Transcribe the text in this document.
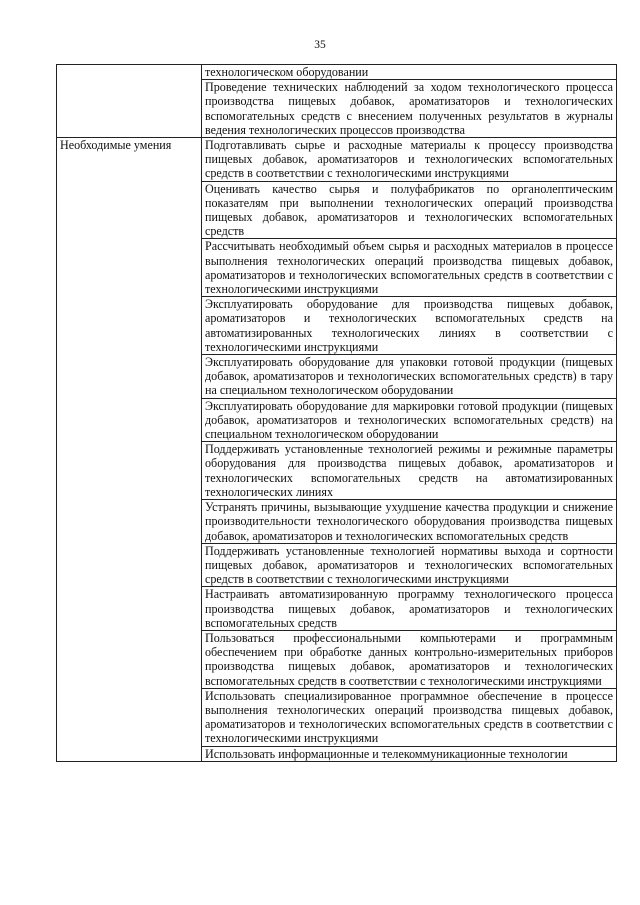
35
	технологическом оборудовании
	Проведение технических наблюдений за ходом технологического процесса производства пищевых добавок, ароматизаторов и технологических вспомогательных средств с внесением полученных результатов в журналы ведения технологических процессов производства
Необходимые умения	Подготавливать сырье и расходные материалы к процессу производства пищевых добавок, ароматизаторов и технологических вспомогательных средств в соответствии с технологическими инструкциями
	Оценивать качество сырья и полуфабрикатов по органолептическим показателям при выполнении технологических операций производства пищевых добавок, ароматизаторов и технологических вспомогательных средств
	Рассчитывать необходимый объем сырья и расходных материалов в процессе выполнения технологических операций производства пищевых добавок, ароматизаторов и технологических вспомогательных средств в соответствии с технологическими инструкциями
	Эксплуатировать оборудование для производства пищевых добавок, ароматизаторов и технологических вспомогательных средств на автоматизированных технологических линиях в соответствии с технологическими инструкциями
	Эксплуатировать оборудование для упаковки готовой продукции (пищевых добавок, ароматизаторов и технологических вспомогательных средств) в тару на специальном технологическом оборудовании
	Эксплуатировать оборудование для маркировки готовой продукции (пищевых добавок, ароматизаторов и технологических вспомогательных средств) на специальном технологическом оборудовании
	Поддерживать установленные технологией режимы и режимные параметры оборудования для производства пищевых добавок, ароматизаторов и технологических вспомогательных средств на автоматизированных технологических линиях
	Устранять причины, вызывающие ухудшение качества продукции и снижение производительности технологического оборудования производства пищевых добавок, ароматизаторов и технологических вспомогательных средств
	Поддерживать установленные технологией нормативы выхода и сортности пищевых добавок, ароматизаторов и технологических вспомогательных средств в соответствии с технологическими инструкциями
	Настраивать автоматизированную программу технологического процесса производства пищевых добавок, ароматизаторов и технологических вспомогательных средств
	Пользоваться профессиональными компьютерами и программным обеспечением при обработке данных контрольно-измерительных приборов производства пищевых добавок, ароматизаторов и технологических вспомогательных средств в соответствии с технологическими инструкциями
	Использовать специализированное программное обеспечение в процессе выполнения технологических операций производства пищевых добавок, ароматизаторов и технологических вспомогательных средств в соответствии с технологическими инструкциями
	Использовать информационные и телекоммуникационные технологии
